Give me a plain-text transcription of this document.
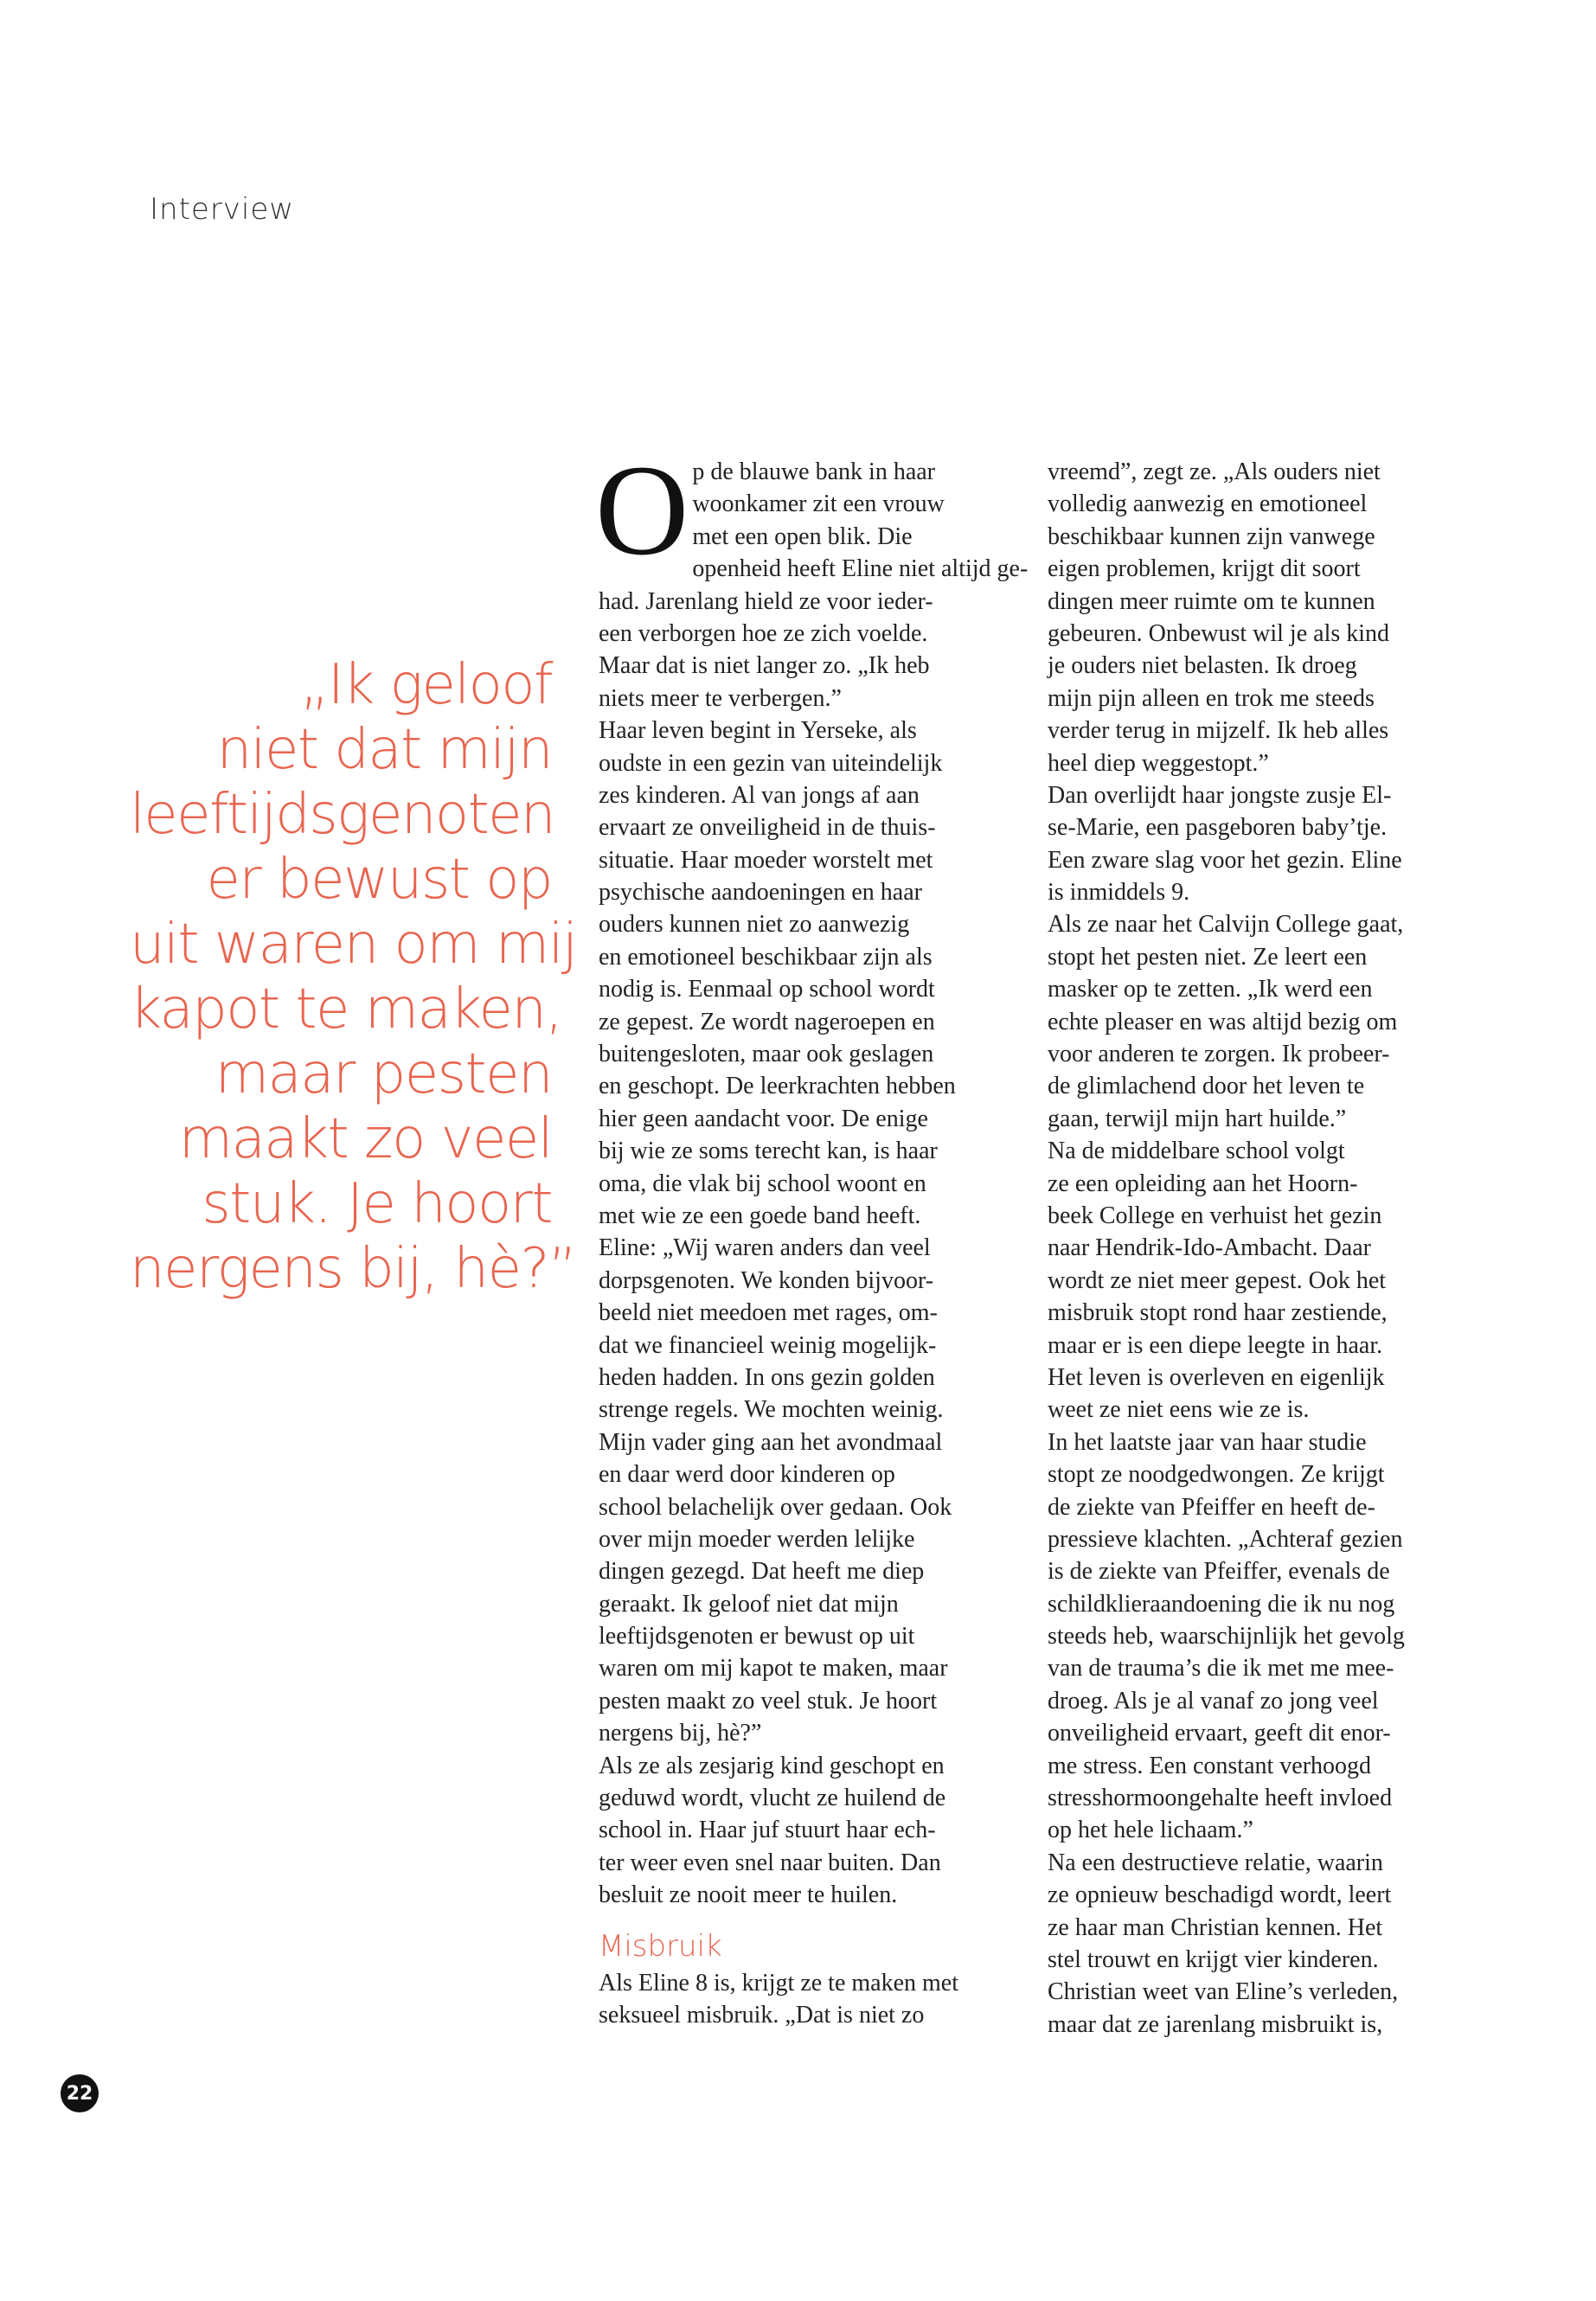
Interview
„Ik geloof
niet dat mijn
leeftijdsgenoten
er bewust op
uit waren om mij
kapot te maken,
maar pesten
maakt zo veel
stuk. Je hoort
nergens bij, hè?”
O p de blauwe bank in haar
woonkamer zit een vrouw
met een open blik. Die
openheid heeft Eline niet altijd ge-
had. Jarenlang hield ze voor ieder-
een verborgen hoe ze zich voelde.
Maar dat is niet langer zo. „Ik heb
niets meer te verbergen.”
Haar leven begint in Yerseke, als
oudste in een gezin van uiteindelijk
zes kinderen. Al van jongs af aan
ervaart ze onveiligheid in de thuis-
situatie. Haar moeder worstelt met
psychische aandoeningen en haar
ouders kunnen niet zo aanwezig
en emotioneel beschikbaar zijn als
nodig is. Eenmaal op school wordt
ze gepest. Ze wordt nageroepen en
buitengesloten, maar ook geslagen
en geschopt. De leerkrachten hebben
hier geen aandacht voor. De enige
bij wie ze soms terecht kan, is haar
oma, die vlak bij school woont en
met wie ze een goede band heeft.
Eline: „Wij waren anders dan veel
dorpsgenoten. We konden bijvoor-
beeld niet meedoen met rages, om-
dat we financieel weinig mogelijk-
heden hadden. In ons gezin golden
strenge regels. We mochten weinig.
Mijn vader ging aan het avondmaal
en daar werd door kinderen op
school belachelijk over gedaan. Ook
over mijn moeder werden lelijke
dingen gezegd. Dat heeft me diep
geraakt. Ik geloof niet dat mijn
leeftijdsgenoten er bewust op uit
waren om mij kapot te maken, maar
pesten maakt zo veel stuk. Je hoort
nergens bij, hè?”
Als ze als zesjarig kind geschopt en
geduwd wordt, vlucht ze huilend de
school in. Haar juf stuurt haar ech-
ter weer even snel naar buiten. Dan
besluit ze nooit meer te huilen.
Misbruik
Als Eline 8 is, krijgt ze te maken met
seksueel misbruik. „Dat is niet zo
vreemd”, zegt ze. „Als ouders niet
volledig aanwezig en emotioneel
beschikbaar kunnen zijn vanwege
eigen problemen, krijgt dit soort
dingen meer ruimte om te kunnen
gebeuren. Onbewust wil je als kind
je ouders niet belasten. Ik droeg
mijn pijn alleen en trok me steeds
verder terug in mijzelf. Ik heb alles
heel diep weggestopt.”
Dan overlijdt haar jongste zusje El-
se-Marie, een pasgeboren baby’tje.
Een zware slag voor het gezin. Eline
is inmiddels 9.
Als ze naar het Calvijn College gaat,
stopt het pesten niet. Ze leert een
masker op te zetten. „Ik werd een
echte pleaser en was altijd bezig om
voor anderen te zorgen. Ik probeer-
de glimlachend door het leven te
gaan, terwijl mijn hart huilde.”
Na de middelbare school volgt
ze een opleiding aan het Hoorn-
beek College en verhuist het gezin
naar Hendrik-Ido-Ambacht. Daar
wordt ze niet meer gepest. Ook het
misbruik stopt rond haar zestiende,
maar er is een diepe leegte in haar.
Het leven is overleven en eigenlijk
weet ze niet eens wie ze is.
In het laatste jaar van haar studie
stopt ze noodgedwongen. Ze krijgt
de ziekte van Pfeiffer en heeft de-
pressieve klachten. „Achteraf gezien
is de ziekte van Pfeiffer, evenals de
schildklieraandoening die ik nu nog
steeds heb, waarschijnlijk het gevolg
van de trauma’s die ik met me mee-
droeg. Als je al vanaf zo jong veel
onveiligheid ervaart, geeft dit enor-
me stress. Een constant verhoogd
stresshormoongehalte heeft invloed
op het hele lichaam.”
Na een destructieve relatie, waarin
ze opnieuw beschadigd wordt, leert
ze haar man Christian kennen. Het
stel trouwt en krijgt vier kinderen.
Christian weet van Eline’s verleden,
maar dat ze jarenlang misbruikt is,
22
